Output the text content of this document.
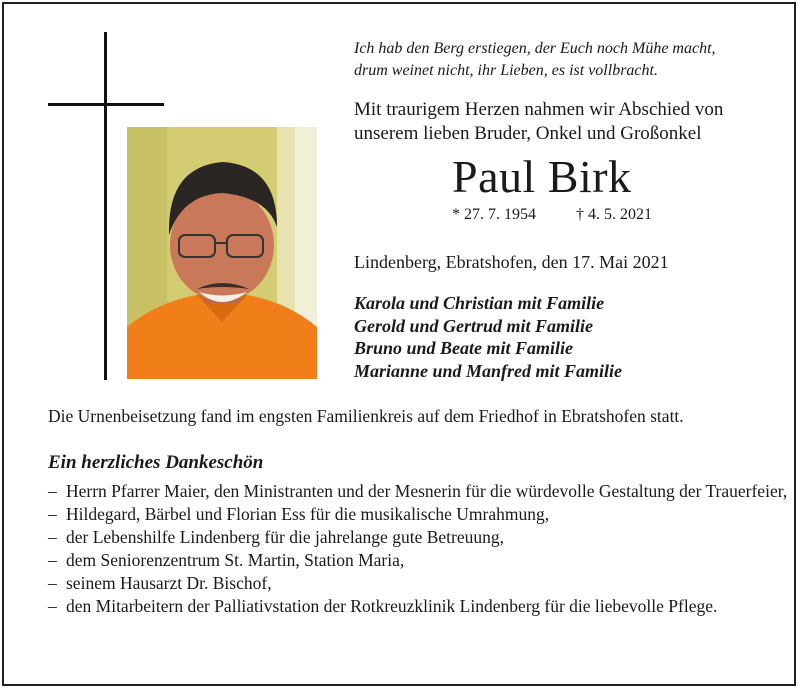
Ich hab den Berg erstiegen, der Euch noch Mühe macht,
drum weinet nicht, ihr Lieben, es ist vollbracht.
Mit traurigem Herzen nahmen wir Abschied von
unserem lieben Bruder, Onkel und Großonkel
Paul Birk
* 27. 7. 1954	† 4. 5. 2021
Lindenberg, Ebratshofen, den 17. Mai 2021
Karola und Christian mit Familie
Gerold und Gertrud mit Familie
Bruno und Beate mit Familie
Marianne und Manfred mit Familie
Die Urnenbeisetzung fand im engsten Familienkreis auf dem Friedhof in Ebratshofen statt.
Ein herzliches Dankeschön
– Herrn Pfarrer Maier, den Ministranten und der Mesnerin für die würdevolle Gestaltung der Trauerfeier,
– Hildegard, Bärbel und Florian Ess für die musikalische Umrahmung,
– der Lebenshilfe Lindenberg für die jahrelange gute Betreuung,
– dem Seniorenzentrum St. Martin, Station Maria,
– seinem Hausarzt Dr. Bischof,
– den Mitarbeitern der Palliativstation der Rotkreuzklinik Lindenberg für die liebevolle Pflege.
